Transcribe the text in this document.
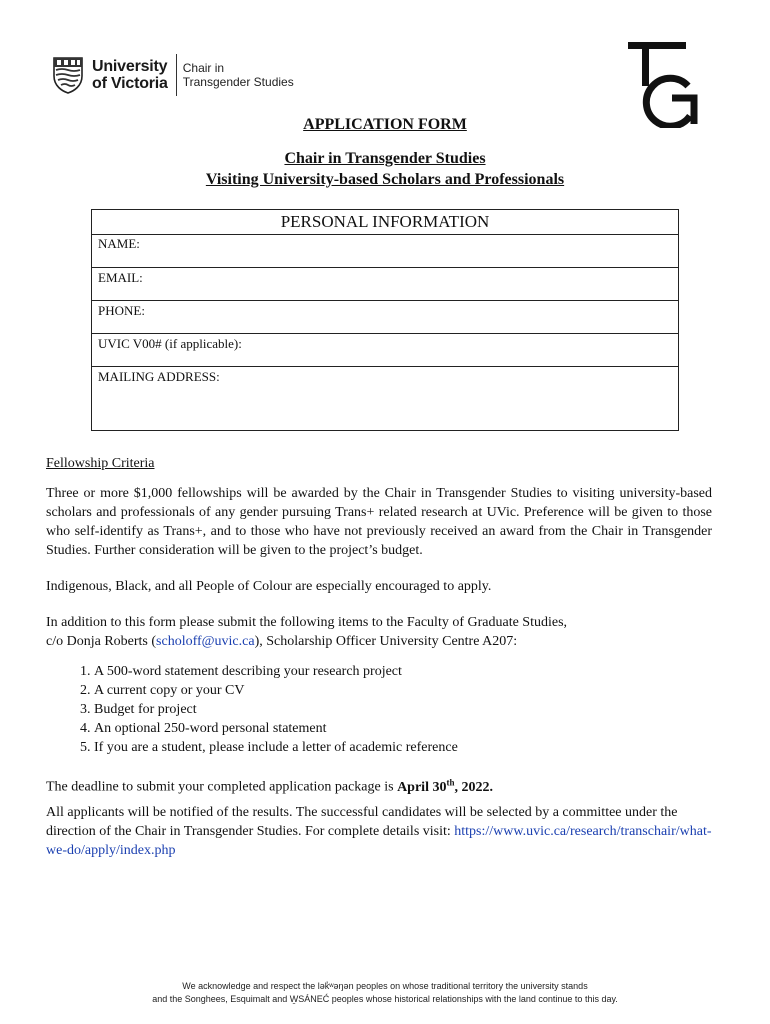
University
of Victoria
Chair in
Transgender Studies
APPLICATION FORM
Chair in Transgender Studies
Visiting University-based Scholars and Professionals
PERSONAL INFORMATION
NAME:
EMAIL:
PHONE:
UVIC V00# (if applicable):
MAILING ADDRESS:
Fellowship Criteria
Three or more $1,000 fellowships will be awarded by the Chair in Transgender Studies to visiting university-based scholars and professionals of any gender pursuing Trans+ related research at UVic. Preference will be given to those who self-identify as Trans+, and to those who have not previously received an award from the Chair in Transgender Studies. Further consideration will be given to the project’s budget.
Indigenous, Black, and all People of Colour are especially encouraged to apply.
In addition to this form please submit the following items to the Faculty of Graduate Studies,
c/o Donja Roberts (scholoff@uvic.ca), Scholarship Officer University Centre A207:
1. A 500-word statement describing your research project
2. A current copy or your CV
3. Budget for project
4. An optional 250-word personal statement
5. If you are a student, please include a letter of academic reference
The deadline to submit your completed application package is April 30th, 2022.
All applicants will be notified of the results. The successful candidates will be selected by a committee under the direction of the Chair in Transgender Studies. For complete details visit: https://www.uvic.ca/research/transchair/what-we-do/apply/index.php
We acknowledge and respect the lək̓ʷəŋən peoples on whose traditional territory the university stands
and the Songhees, Esquimalt and W̱SÁNEĆ peoples whose historical relationships with the land continue to this day.
